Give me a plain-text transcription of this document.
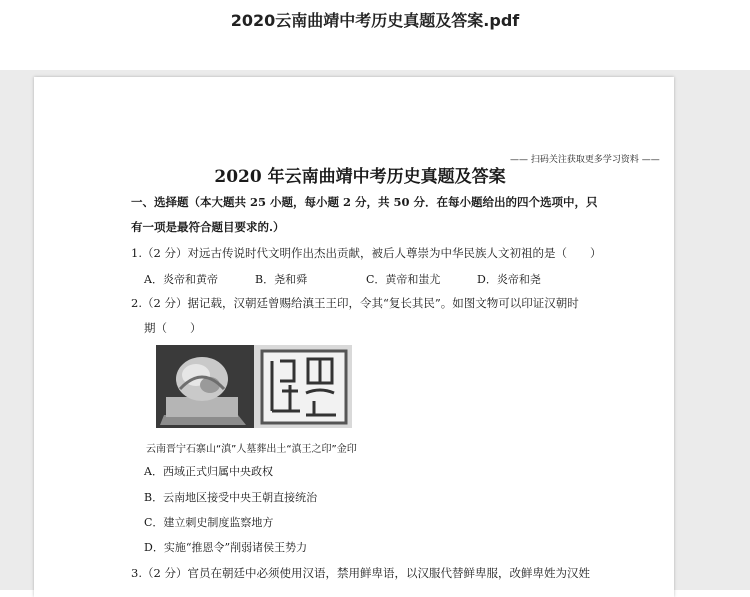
2020云南曲靖中考历史真题及答案.pdf
—— 扫码关注获取更多学习资料 ——
2020 年云南曲靖中考历史真题及答案
一、选择题（本大题共 25 小题，每小题 2 分，共 50 分．在每小题给出的四个选项中，只
有一项是最符合题目要求的.）
1.（2 分）对远古传说时代文明作出杰出贡献，被后人尊崇为中华民族人文初祖的是（　　）
A．炎帝和黄帝	B．尧和舜	C．黄帝和蚩尤	D．炎帝和尧
2.（2 分）据记载，汉朝廷曾赐给滇王王印，令其“复长其民”。如图文物可以印证汉朝时
期（　　）
云南晋宁石寨山“滇”人墓葬出土“滇王之印”金印
A．西域正式归属中央政权
B．云南地区接受中央王朝直接统治
C．建立刺史制度监察地方
D．实施“推恩令”削弱诸侯王势力
3.（2 分）官员在朝廷中必须使用汉语，禁用鲜卑语，以汉服代替鲜卑服，改鲜卑姓为汉姓
